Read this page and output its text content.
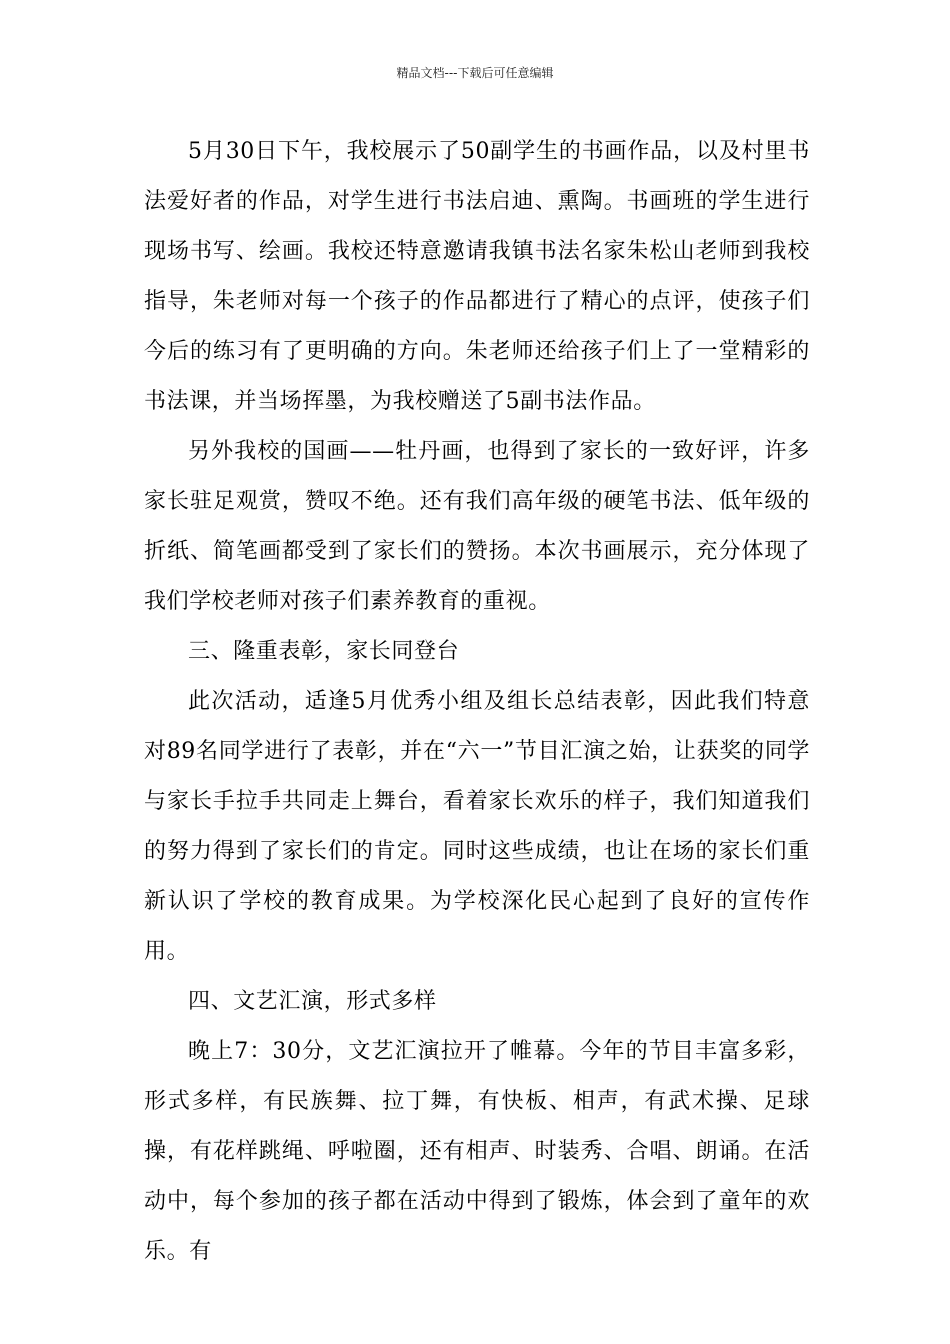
精品文档---下载后可任意编辑

5月30日下午，我校展示了50副学生的书画作品，以及村里书法爱好者的作品，对学生进行书法启迪、熏陶。书画班的学生进行现场书写、绘画。我校还特意邀请我镇书法名家朱松山老师到我校指导，朱老师对每一个孩子的作品都进行了精心的点评，使孩子们今后的练习有了更明确的方向。朱老师还给孩子们上了一堂精彩的书法课，并当场挥墨，为我校赠送了5副书法作品。

另外我校的国画——牡丹画，也得到了家长的一致好评，许多家长驻足观赏，赞叹不绝。还有我们高年级的硬笔书法、低年级的折纸、简笔画都受到了家长们的赞扬。本次书画展示，充分体现了我们学校老师对孩子们素养教育的重视。

三、隆重表彰，家长同登台

此次活动，适逢5月优秀小组及组长总结表彰，因此我们特意对89名同学进行了表彰，并在“六一”节目汇演之始，让获奖的同学与家长手拉手共同走上舞台，看着家长欢乐的样子，我们知道我们的努力得到了家长们的肯定。同时这些成绩，也让在场的家长们重新认识了学校的教育成果。为学校深化民心起到了良好的宣传作用。

四、文艺汇演，形式多样

晚上7：30分，文艺汇演拉开了帷幕。今年的节目丰富多彩，形式多样，有民族舞、拉丁舞，有快板、相声，有武术操、足球操，有花样跳绳、呼啦圈，还有相声、时装秀、合唱、朗诵。在活动中，每个参加的孩子都在活动中得到了锻炼，体会到了童年的欢乐。有
